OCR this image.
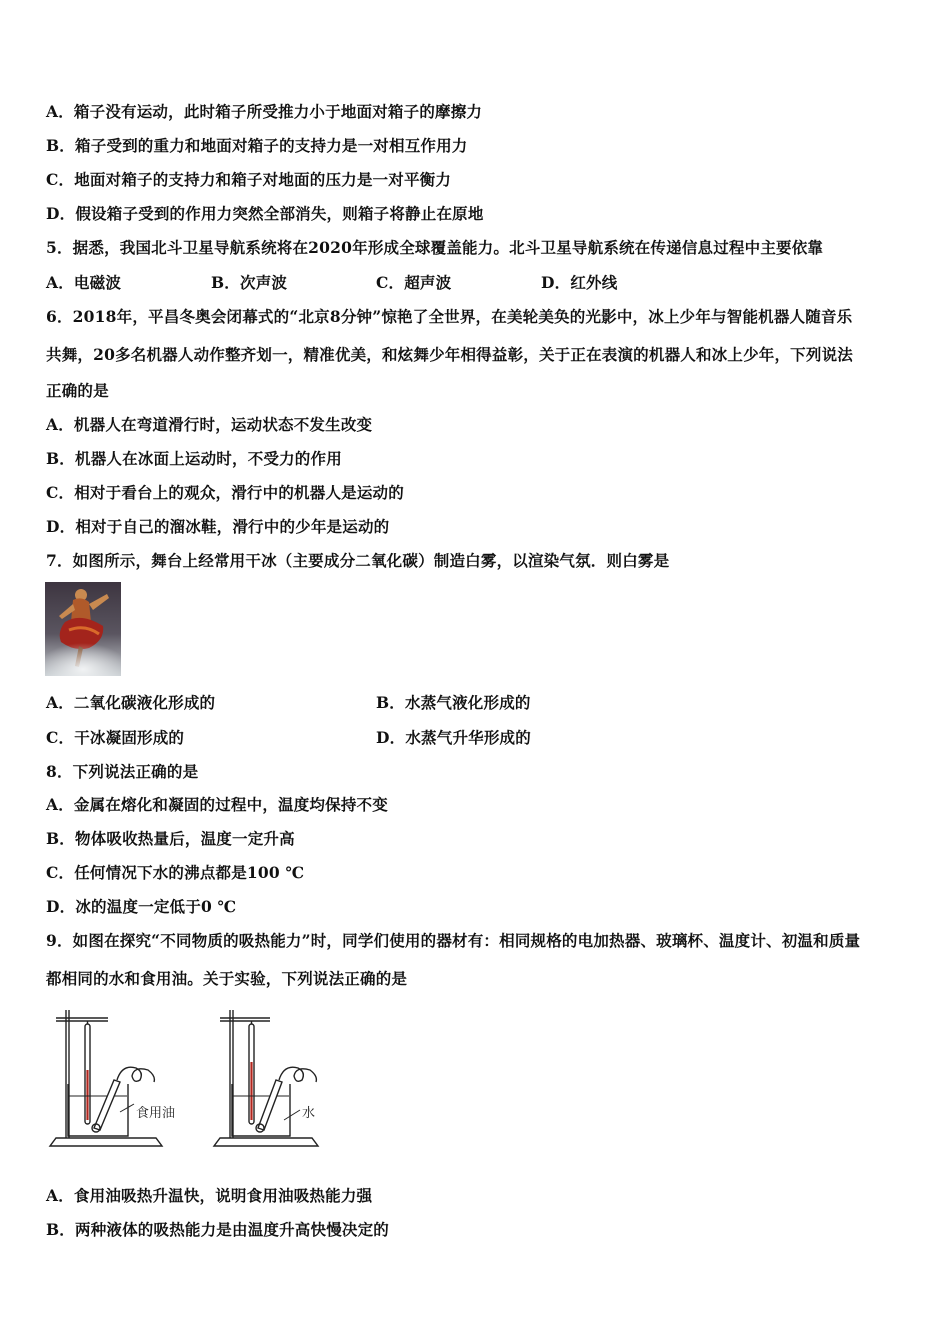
A．箱子没有运动，此时箱子所受推力小于地面对箱子的摩擦力
B．箱子受到的重力和地面对箱子的支持力是一对相互作用力
C．地面对箱子的支持力和箱子对地面的压力是一对平衡力
D．假设箱子受到的作用力突然全部消失，则箱子将静止在原地
5．据悉，我国北斗卫星导航系统将在2020年形成全球覆盖能力。北斗卫星导航系统在传递信息过程中主要依靠
A．电磁波	B．次声波	C．超声波	D．红外线
6．2018年，平昌冬奥会闭幕式的“北京8分钟”惊艳了全世界，在美轮美奂的光影中，冰上少年与智能机器人随音乐
共舞，20多名机器人动作整齐划一，精准优美，和炫舞少年相得益彰，关于正在表演的机器人和冰上少年，下列说法
正确的是
A．机器人在弯道滑行时，运动状态不发生改变
B．机器人在冰面上运动时，不受力的作用
C．相对于看台上的观众，滑行中的机器人是运动的
D．相对于自己的溜冰鞋，滑行中的少年是运动的
7．如图所示，舞台上经常用干冰（主要成分二氧化碳）制造白雾，以渲染气氛．则白雾是
A．二氧化碳液化形成的	B．水蒸气液化形成的
C．干冰凝固形成的	D．水蒸气升华形成的
8．下列说法正确的是
A．金属在熔化和凝固的过程中，温度均保持不变
B．物体吸收热量后，温度一定升高
C．任何情况下水的沸点都是100 ℃
D．冰的温度一定低于0 ℃
9．如图在探究“不同物质的吸热能力”时，同学们使用的器材有：相同规格的电加热器、玻璃杯、温度计、初温和质量
都相同的水和食用油。关于实验，下列说法正确的是
食用油	水
A．食用油吸热升温快，说明食用油吸热能力强
B．两种液体的吸热能力是由温度升高快慢决定的
